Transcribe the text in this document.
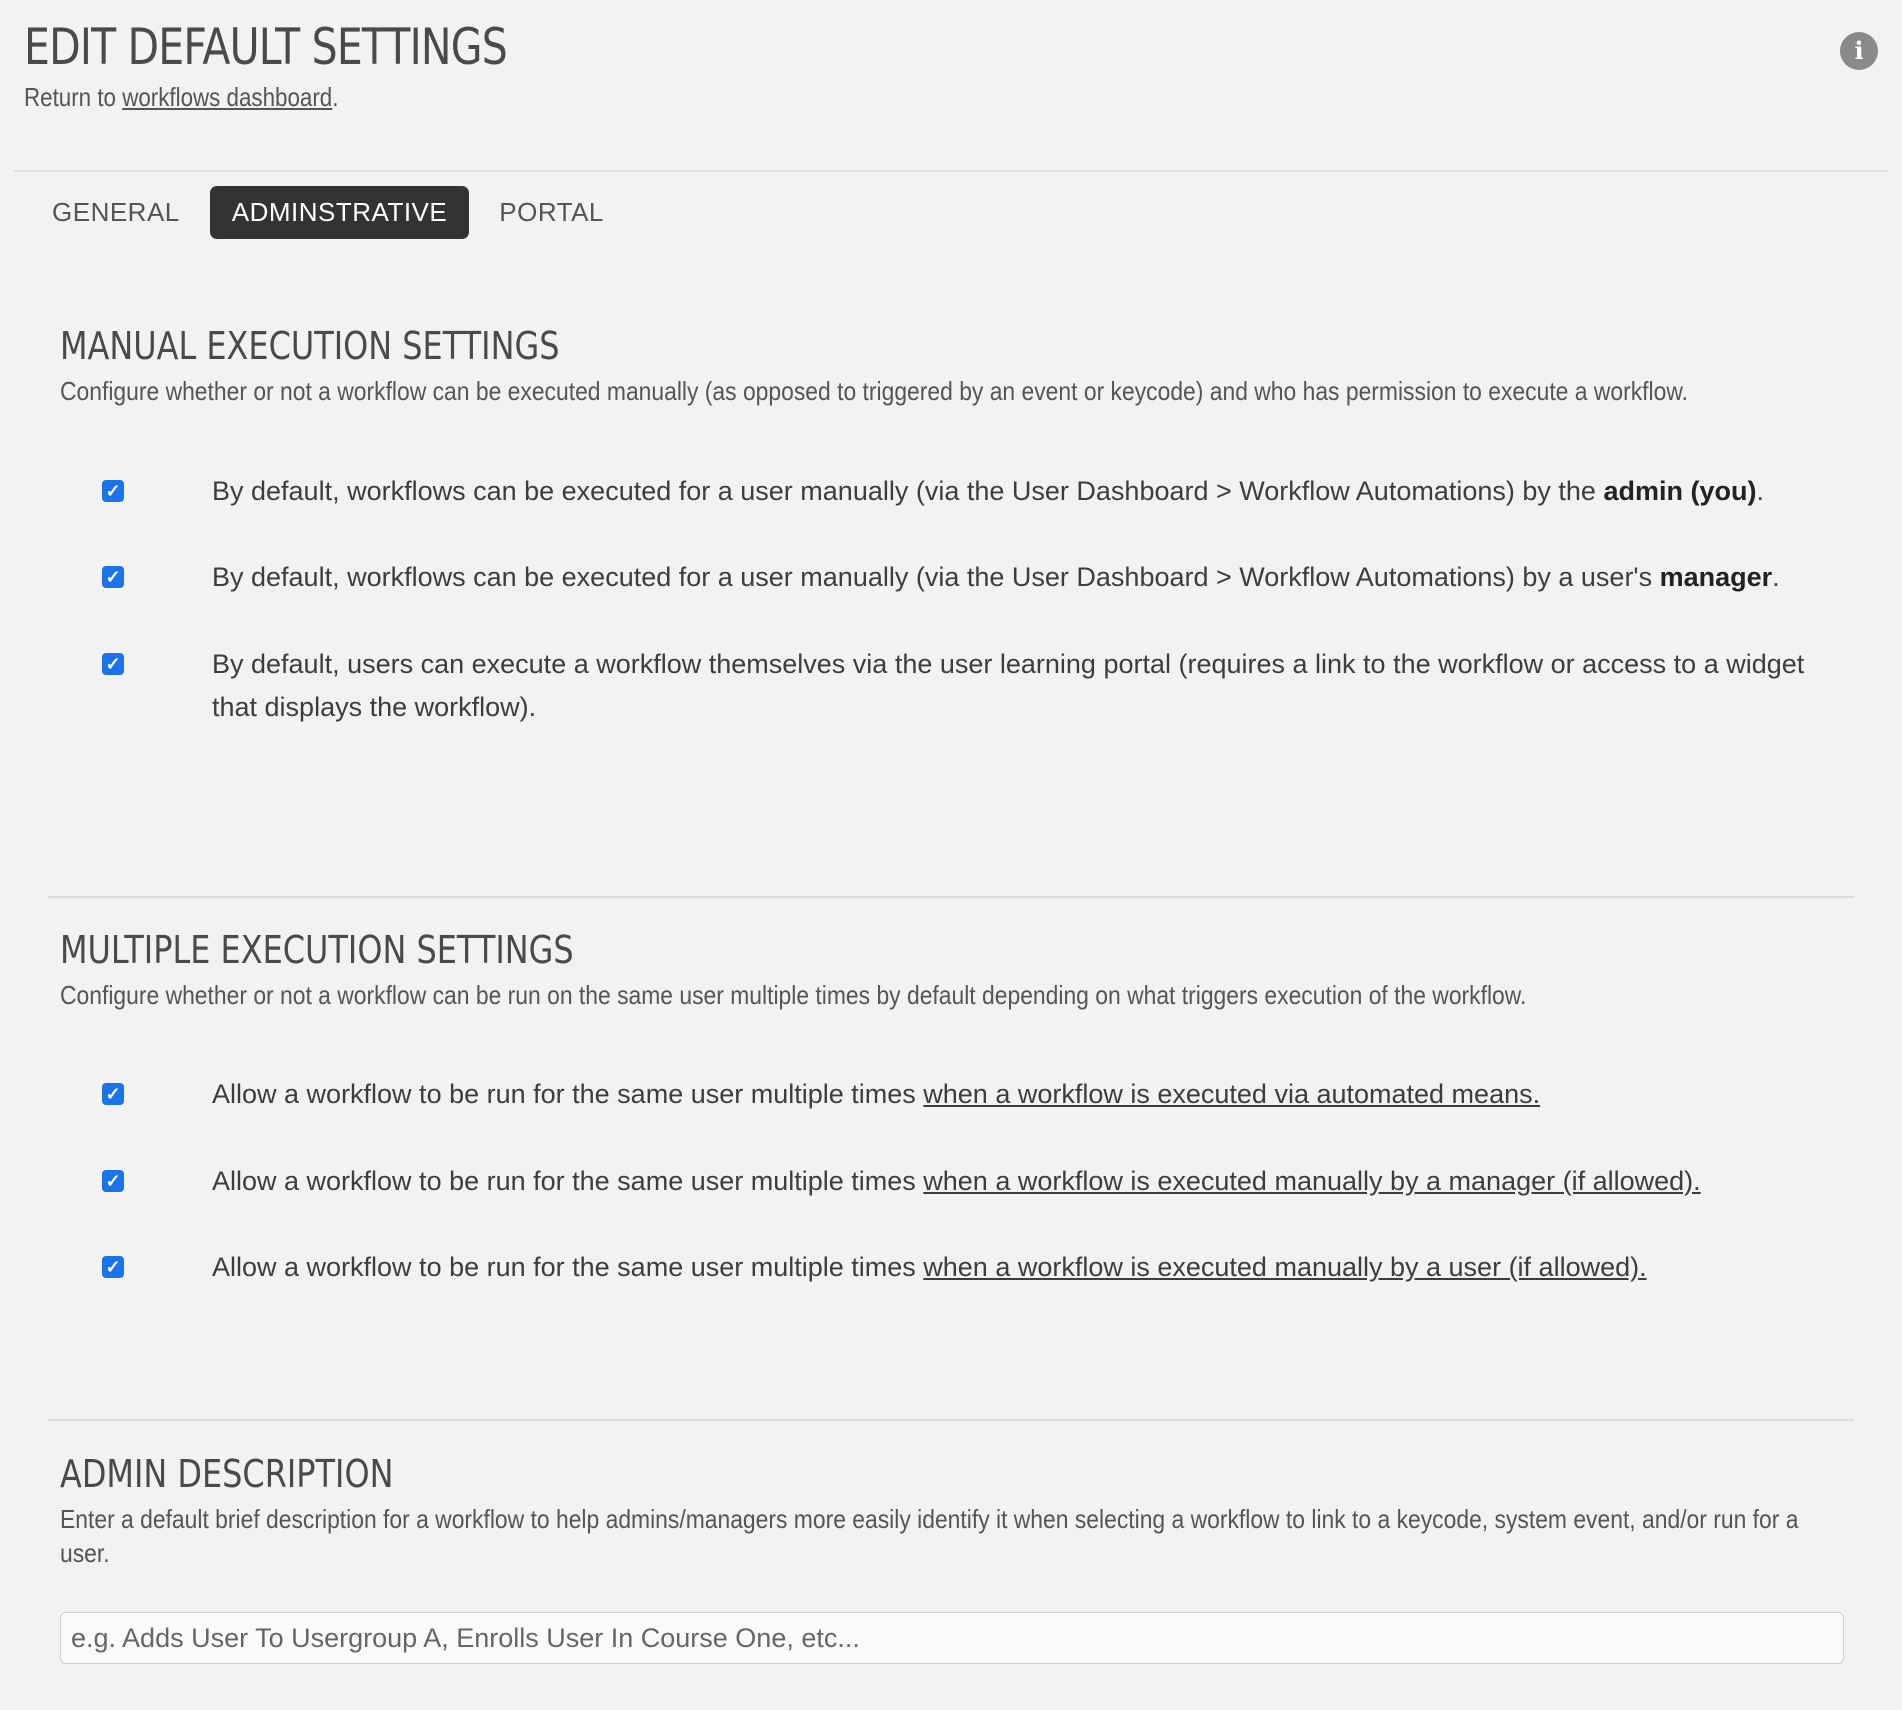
EDIT DEFAULT SETTINGS
Return to workflows dashboard.
i
GENERAL	ADMINSTRATIVE	PORTAL
MANUAL EXECUTION SETTINGS
Configure whether or not a workflow can be executed manually (as opposed to triggered by an event or keycode) and who has permission to execute a workflow.
✓	By default, workflows can be executed for a user manually (via the User Dashboard > Workflow Automations) by the admin (you).
✓	By default, workflows can be executed for a user manually (via the User Dashboard > Workflow Automations) by a user's manager.
✓	By default, users can execute a workflow themselves via the user learning portal (requires a link to the workflow or access to a widget that displays the workflow).
MULTIPLE EXECUTION SETTINGS
Configure whether or not a workflow can be run on the same user multiple times by default depending on what triggers execution of the workflow.
✓	Allow a workflow to be run for the same user multiple times when a workflow is executed via automated means.
✓	Allow a workflow to be run for the same user multiple times when a workflow is executed manually by a manager (if allowed).
✓	Allow a workflow to be run for the same user multiple times when a workflow is executed manually by a user (if allowed).
ADMIN DESCRIPTION
Enter a default brief description for a workflow to help admins/managers more easily identify it when selecting a workflow to link to a keycode, system event, and/or run for a user.
e.g. Adds User To Usergroup A, Enrolls User In Course One, etc...
